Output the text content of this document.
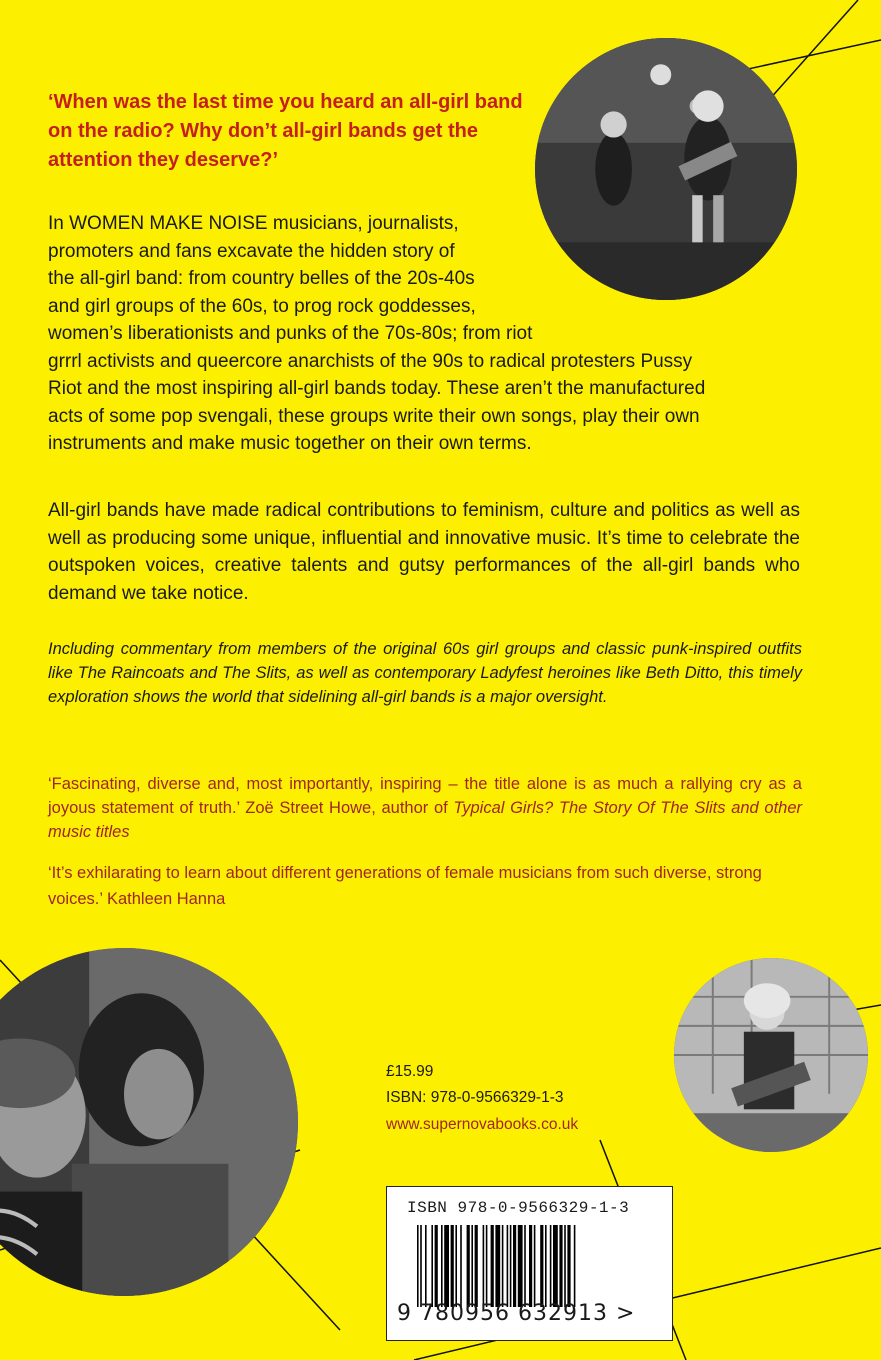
‘When was the last time you heard an all-girl band on the radio? Why don’t all-girl bands get the attention they deserve?’
In WOMEN MAKE NOISE musicians, journalists,
promoters and fans excavate the hidden story of
the all-girl band: from country belles of the 20s-40s
and girl groups of the 60s, to prog rock goddesses,
women’s liberationists and punks of the 70s-80s; from riot
grrrl activists and queercore anarchists of the 90s to radical protesters Pussy
Riot and the most inspiring all-girl bands today. These aren’t the manufactured
acts of some pop svengali, these groups write their own songs, play their own
instruments and make music together on their own terms.
All-girl bands have made radical contributions to feminism, culture and politics as well as well as producing some unique, influential and innovative music. It’s time to celebrate the outspoken voices, creative talents and gutsy performances of the all-girl bands who demand we take notice.
Including commentary from members of the original 60s girl groups and classic punk-inspired outfits like The Raincoats and The Slits, as well as contemporary Ladyfest heroines like Beth Ditto, this timely exploration shows the world that sidelining all-girl bands is a major oversight.
‘Fascinating, diverse and, most importantly, inspiring – the title alone is as much a rallying cry as a joyous statement of truth.’ Zoë Street Howe, author of Typical Girls? The Story Of The Slits and other music titles
‘It’s exhilarating to learn about different generations of female musicians from such diverse, strong voices.’ Kathleen Hanna
£15.99
ISBN: 978-0-9566329-1-3
www.supernovabooks.co.uk
ISBN 978-0-9566329-1-3
9 780956 632913 >
